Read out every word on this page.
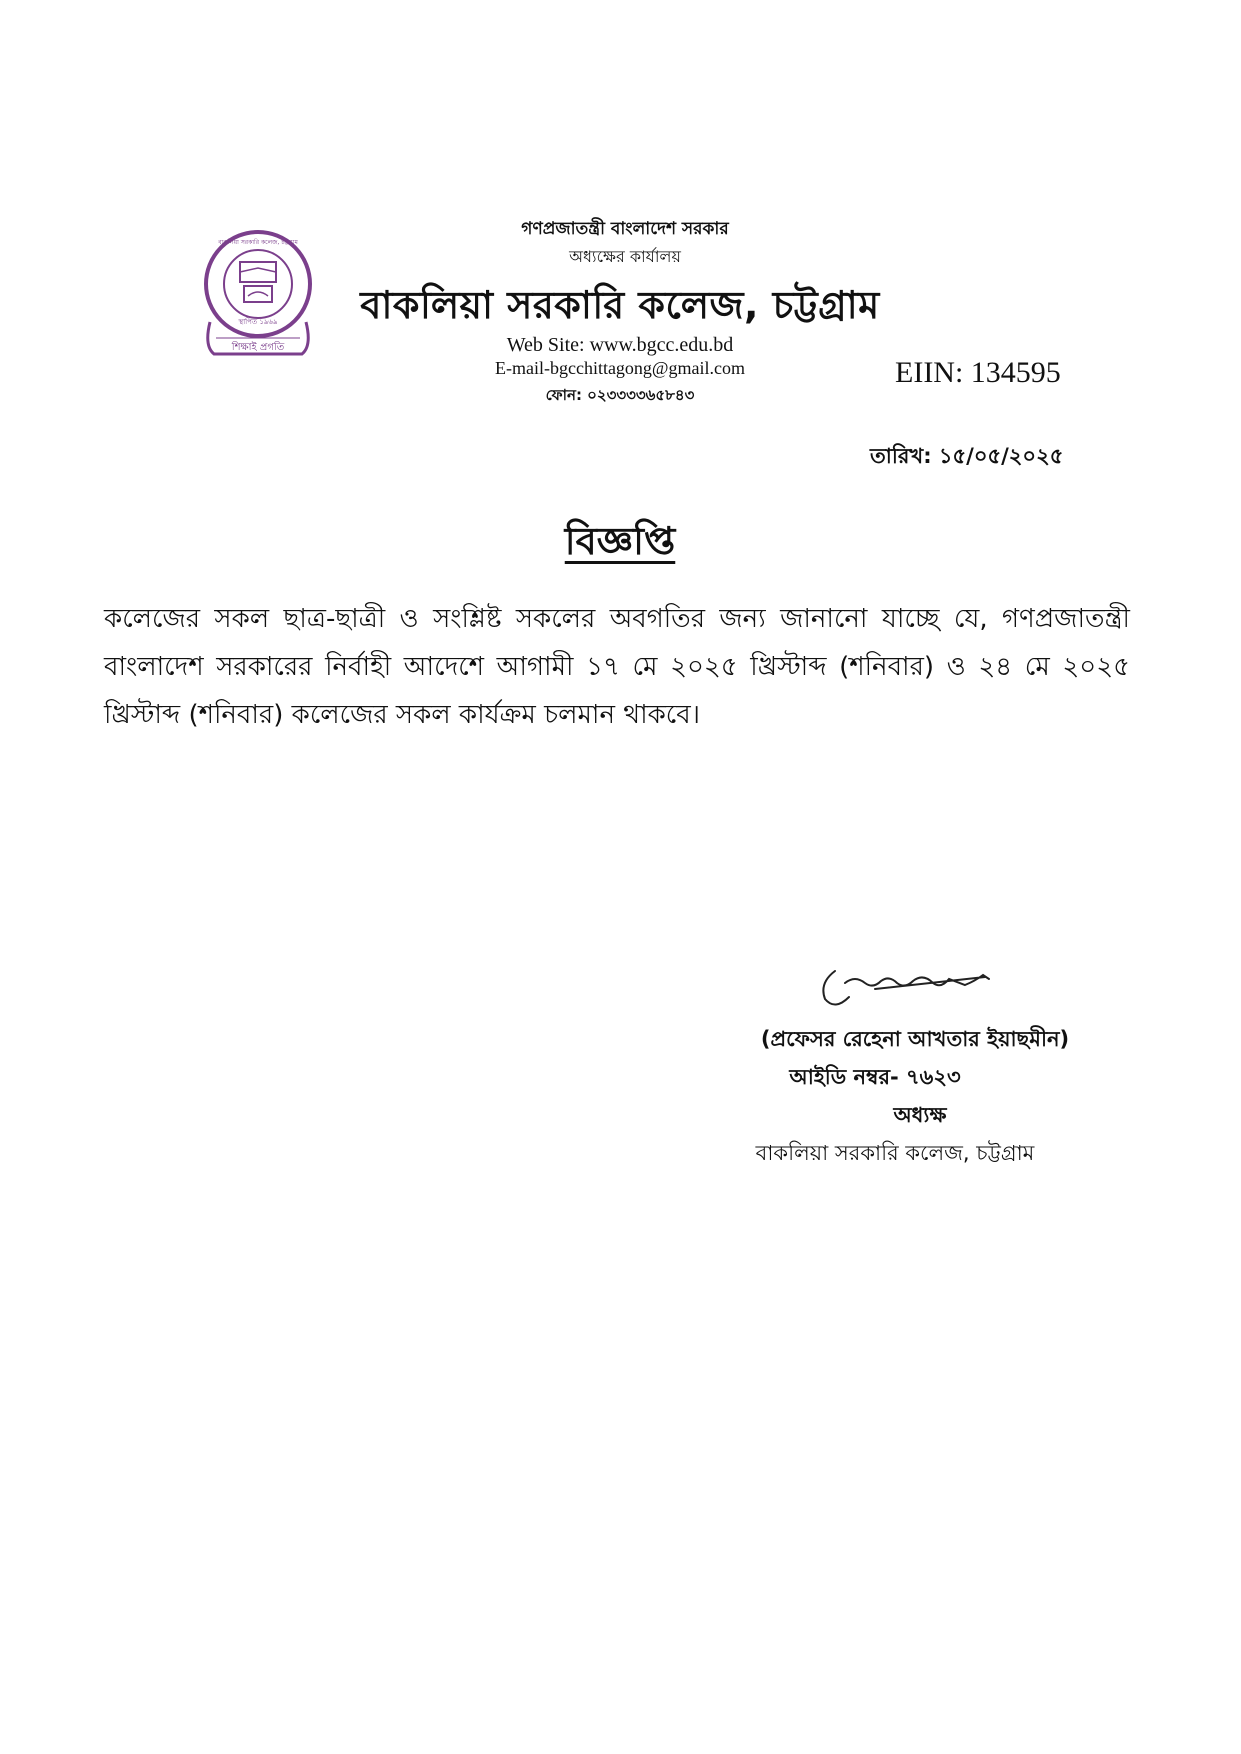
শিক্ষাই প্রগতি
স্থাপিত ১৯৬৯
বাকলিয়া সরকারি কলেজ, চট্টগ্রাম
গণপ্রজাতন্ত্রী বাংলাদেশ সরকার
অধ্যক্ষের কার্যালয়
বাকলিয়া সরকারি কলেজ, চট্টগ্রাম
Web Site: www.bgcc.edu.bd
E-mail-bgcchittagong@gmail.com
ফোন: ০২৩৩৩৩৬৫৮৪৩
EIIN: 134595
তারিখ: ১৫/০৫/২০২৫
বিজ্ঞপ্তি
কলেজের সকল ছাত্র-ছাত্রী ও সংশ্লিষ্ট সকলের অবগতির জন্য জানানো যাচ্ছে যে, গণপ্রজাতন্ত্রী বাংলাদেশ সরকারের নির্বাহী আদেশে আগামী ১৭ মে ২০২৫ খ্রিস্টাব্দ (শনিবার) ও ২৪ মে ২০২৫ খ্রিস্টাব্দ (শনিবার) কলেজের সকল কার্যক্রম চলমান থাকবে।
(প্রফেসর রেহেনা আখতার ইয়াছমীন)
আইডি নম্বর- ৭৬২৩
অধ্যক্ষ
বাকলিয়া সরকারি কলেজ, চট্টগ্রাম
